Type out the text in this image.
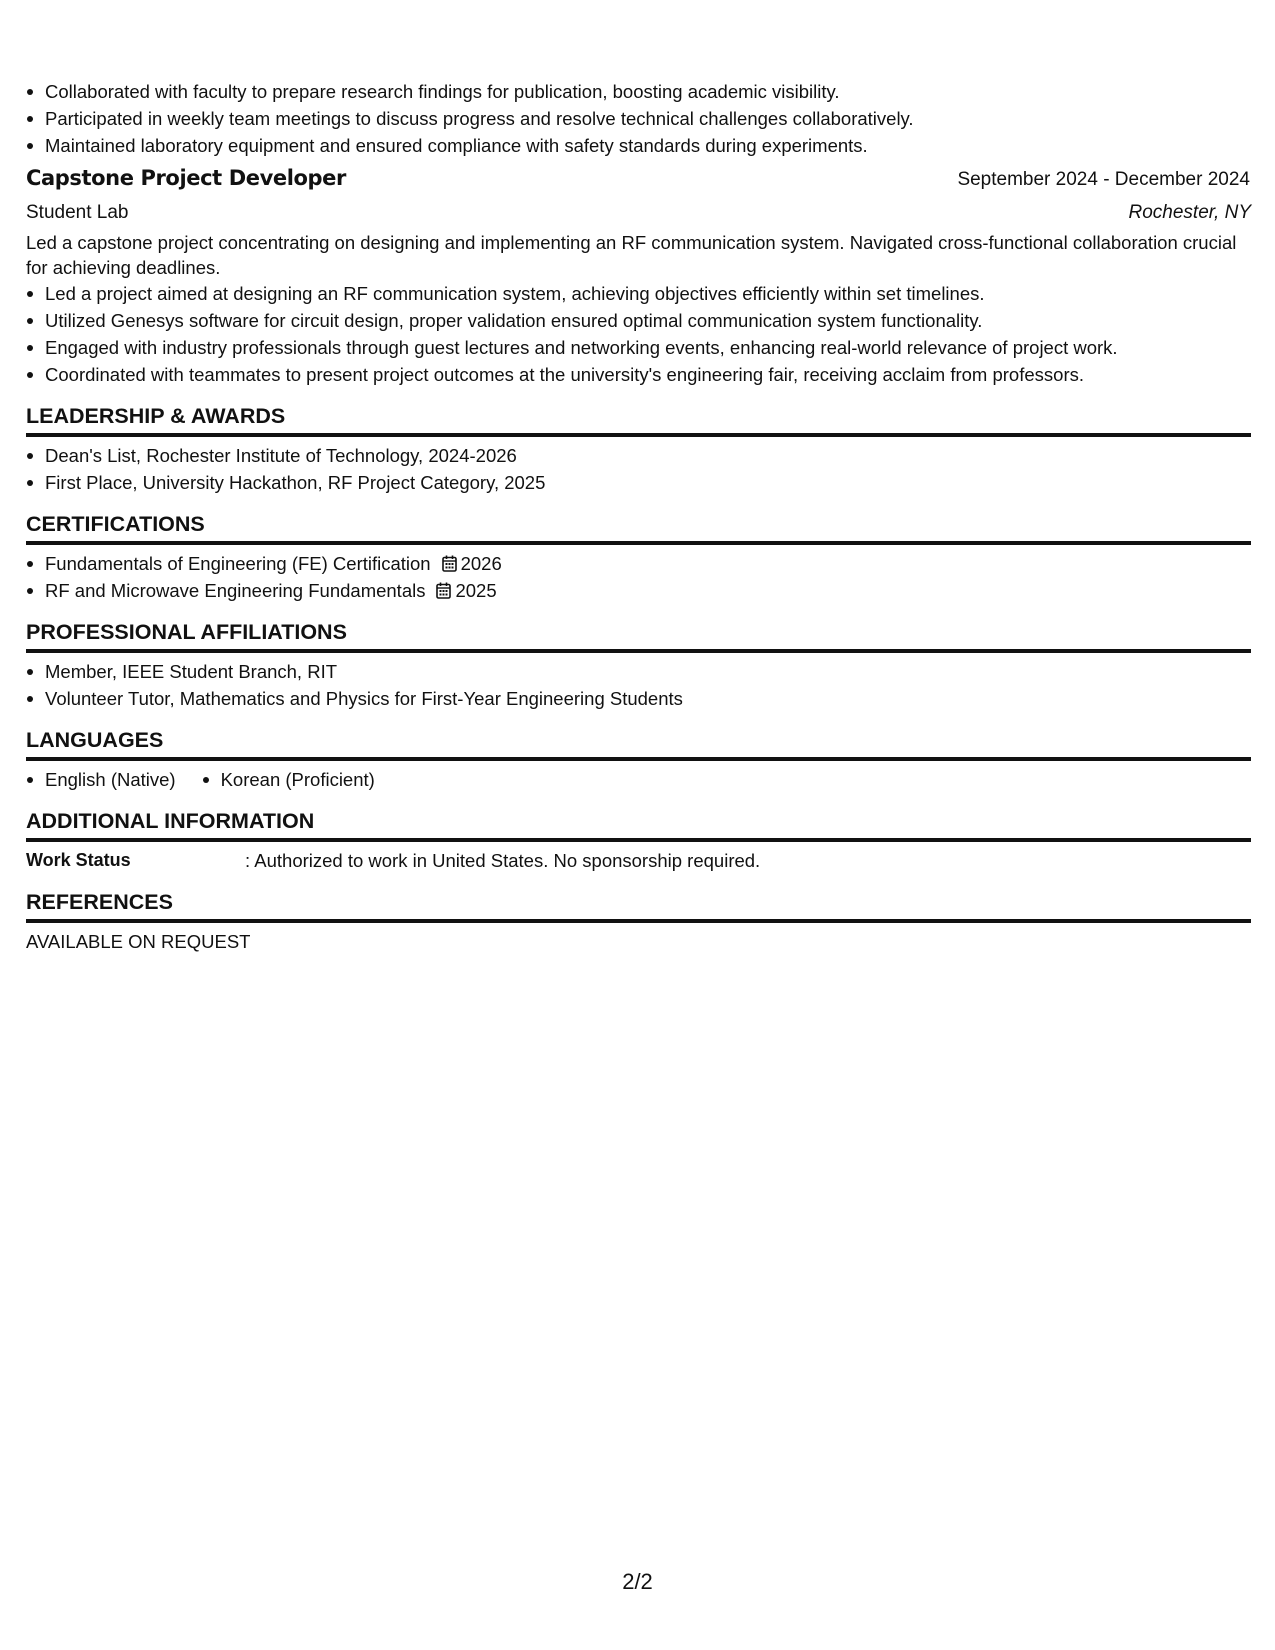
Collaborated with faculty to prepare research findings for publication, boosting academic visibility.
Participated in weekly team meetings to discuss progress and resolve technical challenges collaboratively.
Maintained laboratory equipment and ensured compliance with safety standards during experiments.
Capstone Project Developer	September 2024 - December 2024
Student Lab	Rochester, NY

Led a capstone project concentrating on designing and implementing an RF communication system. Navigated cross-functional collaboration crucial for achieving deadlines.

Led a project aimed at designing an RF communication system, achieving objectives efficiently within set timelines.
Utilized Genesys software for circuit design, proper validation ensured optimal communication system functionality.
Engaged with industry professionals through guest lectures and networking events, enhancing real-world relevance of project work.
Coordinated with teammates to present project outcomes at the university's engineering fair, receiving acclaim from professors.
LEADERSHIP & AWARDS
Dean's List, Rochester Institute of Technology, 2024-2026
First Place, University Hackathon, RF Project Category, 2025
CERTIFICATIONS
Fundamentals of Engineering (FE) Certification 2026
RF and Microwave Engineering Fundamentals 2025
PROFESSIONAL AFFILIATIONS
Member, IEEE Student Branch, RIT
Volunteer Tutor, Mathematics and Physics for First-Year Engineering Students
LANGUAGES
English (Native)	Korean (Proficient)
ADDITIONAL INFORMATION
Work Status	: Authorized to work in United States. No sponsorship required.
REFERENCES
AVAILABLE ON REQUEST
2/2
